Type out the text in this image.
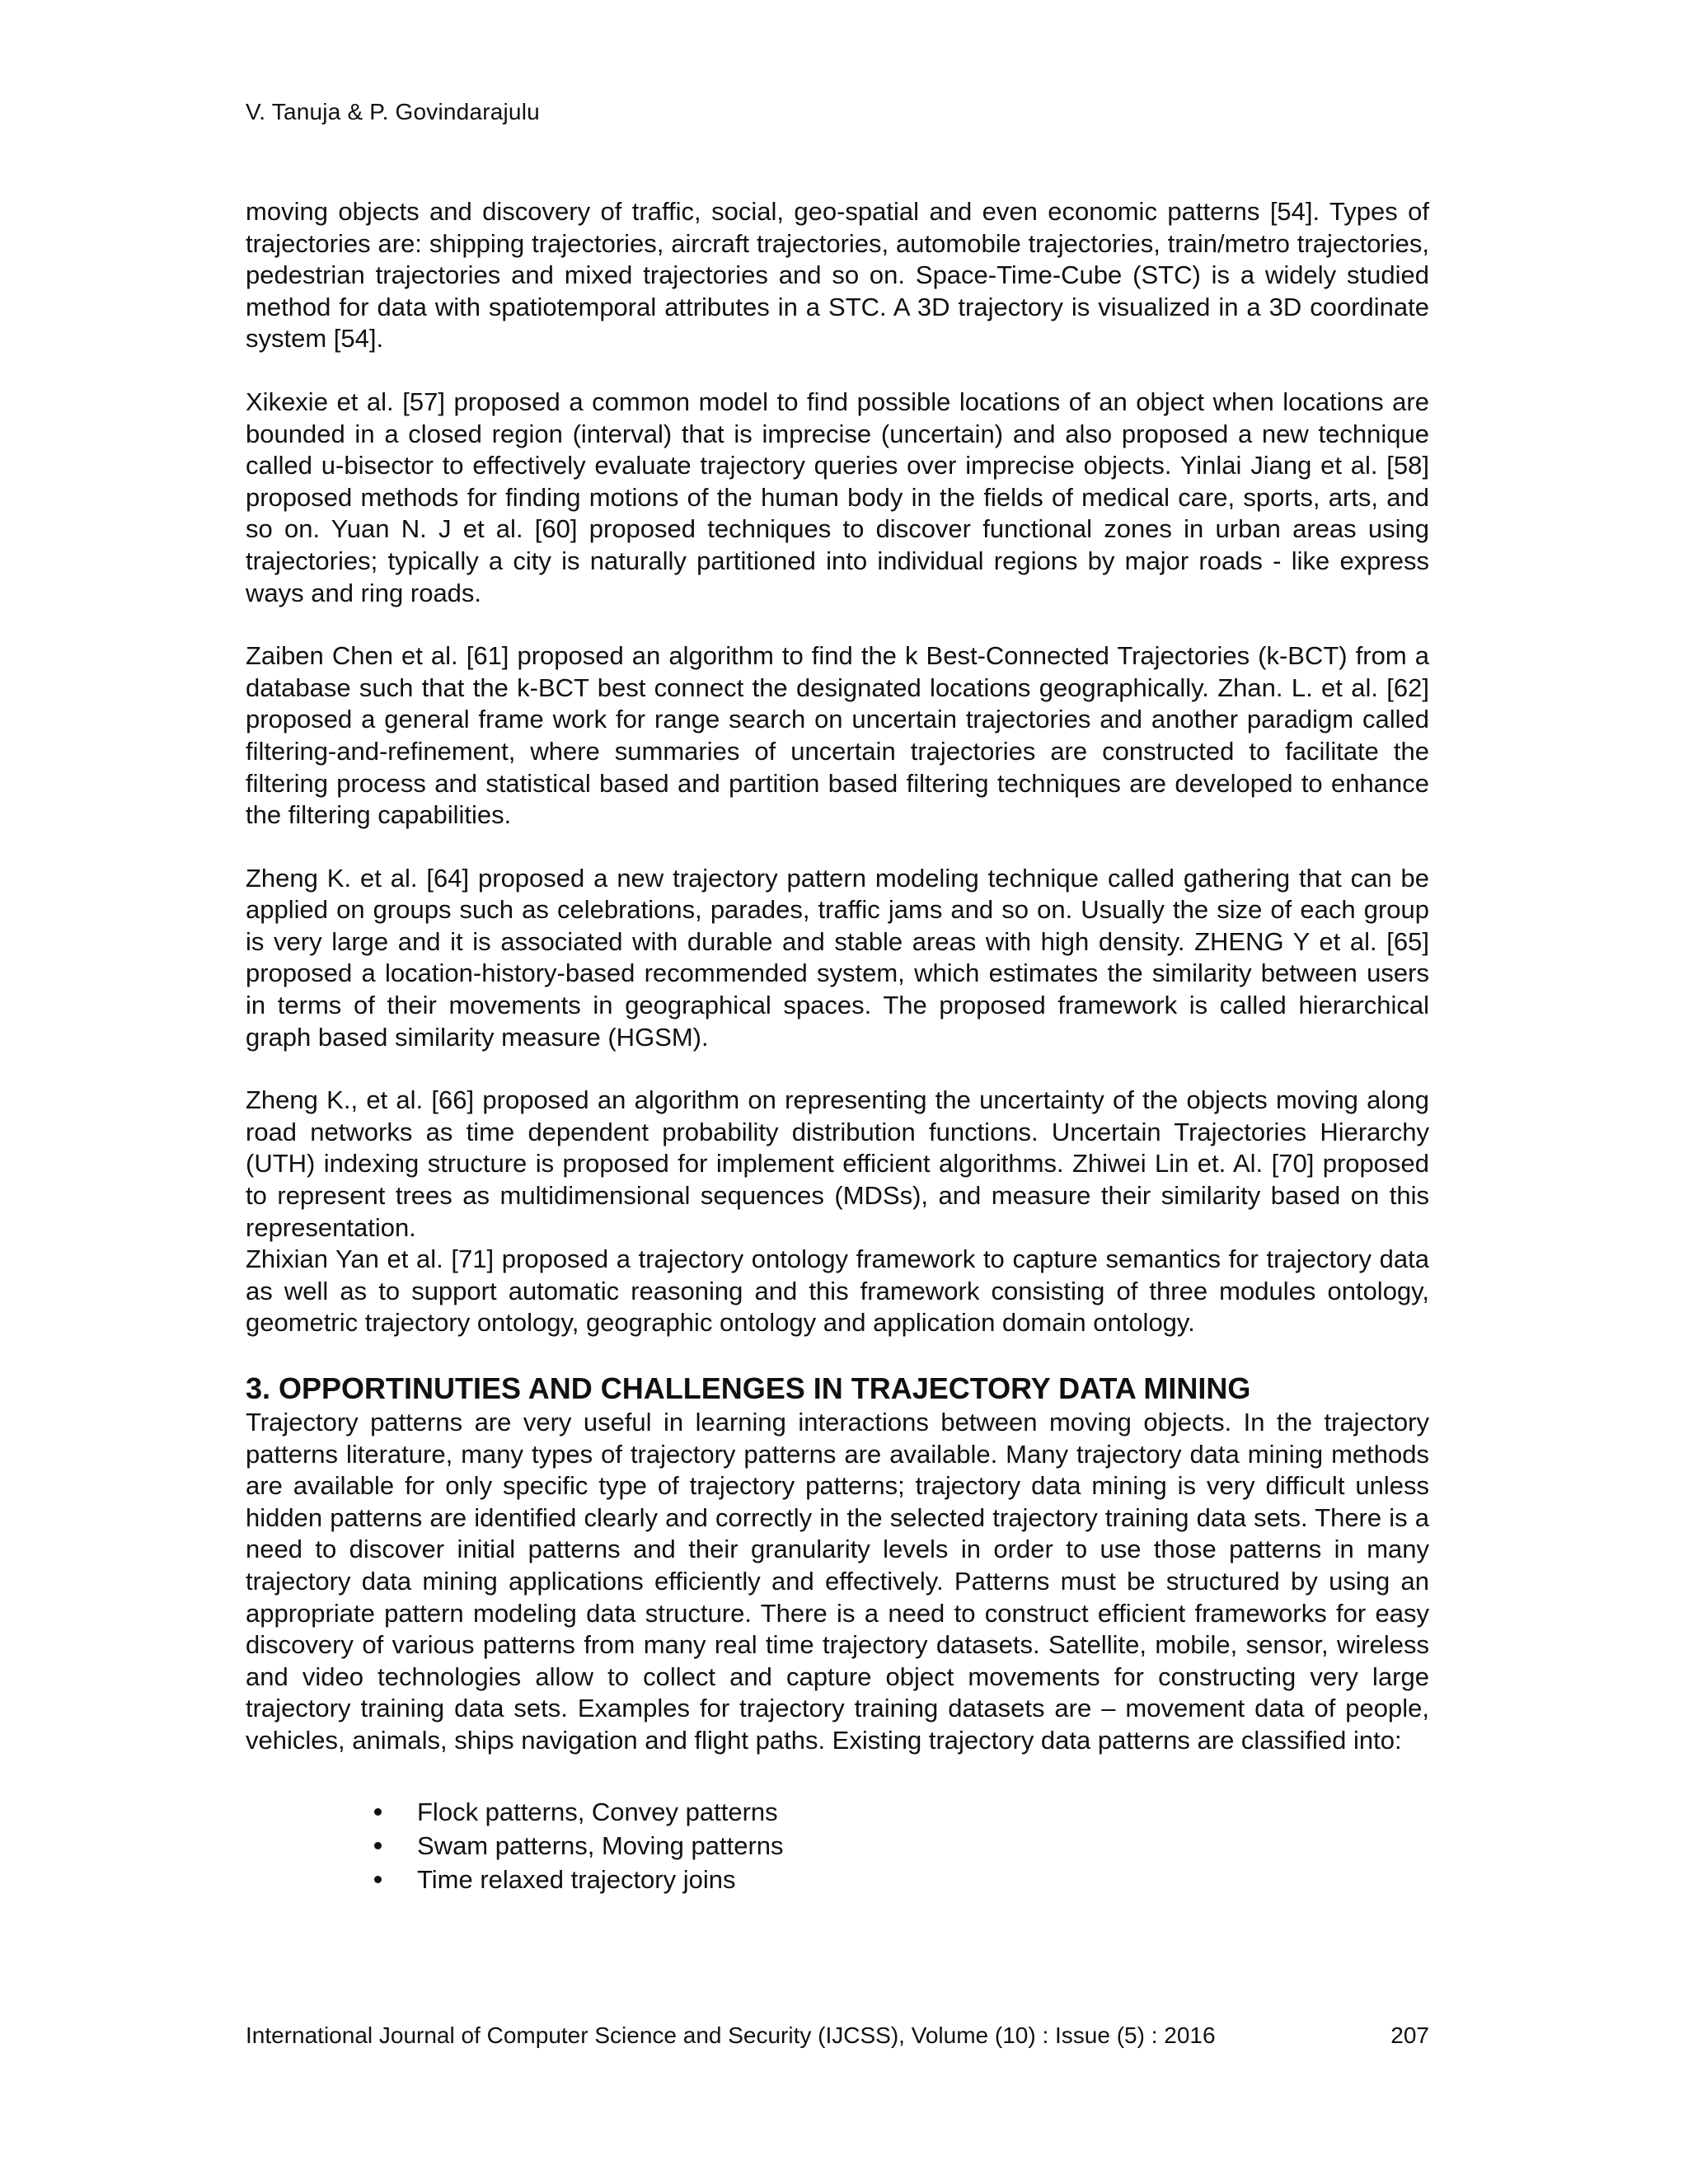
V. Tanuja & P. Govindarajulu

moving objects and discovery of traffic, social, geo-spatial and even economic patterns [54]. Types of trajectories are: shipping trajectories, aircraft trajectories, automobile trajectories, train/metro trajectories, pedestrian trajectories and mixed trajectories and so on. Space-Time-Cube (STC) is a widely studied method for data with spatiotemporal attributes in a STC. A 3D trajectory is visualized in a 3D coordinate system [54].

Xikexie et al. [57] proposed a common model to find possible locations of an object when locations are bounded in a closed region (interval) that is imprecise (uncertain) and also proposed a new technique called u-bisector to effectively evaluate trajectory queries over imprecise objects. Yinlai Jiang et al. [58] proposed methods for finding motions of the human body in the fields of medical care, sports, arts, and so on. Yuan N. J et al. [60] proposed techniques to discover functional zones in urban areas using trajectories; typically a city is naturally partitioned into individual regions by major roads - like express ways and ring roads.

Zaiben Chen et al. [61] proposed an algorithm to find the k Best-Connected Trajectories (k-BCT) from a database such that the k-BCT best connect the designated locations geographically. Zhan. L. et al. [62] proposed a general frame work for range search on uncertain trajectories and another paradigm called filtering-and-refinement, where summaries of uncertain trajectories are constructed to facilitate the filtering process and statistical based and partition based filtering techniques are developed to enhance the filtering capabilities.

Zheng K. et al. [64] proposed a new trajectory pattern modeling technique called gathering that can be applied on groups such as celebrations, parades, traffic jams and so on. Usually the size of each group is very large and it is associated with durable and stable areas with high density. ZHENG Y et al. [65] proposed a location-history-based recommended system, which estimates the similarity between users in terms of their movements in geographical spaces. The proposed framework is called hierarchical graph based similarity measure (HGSM).

Zheng K., et al. [66] proposed an algorithm on representing the uncertainty of the objects moving along road networks as time dependent probability distribution functions. Uncertain Trajectories Hierarchy (UTH) indexing structure is proposed for implement efficient algorithms. Zhiwei Lin et. Al. [70] proposed to represent trees as multidimensional sequences (MDSs), and measure their similarity based on this representation.

Zhixian Yan et al. [71] proposed a trajectory ontology framework to capture semantics for trajectory data as well as to support automatic reasoning and this framework consisting of three modules ontology, geometric trajectory ontology, geographic ontology and application domain ontology.

3. OPPORTINUTIES AND CHALLENGES IN TRAJECTORY DATA MINING

Trajectory patterns are very useful in learning interactions between moving objects. In the trajectory patterns literature, many types of trajectory patterns are available. Many trajectory data mining methods are available for only specific type of trajectory patterns; trajectory data mining is very difficult unless hidden patterns are identified clearly and correctly in the selected trajectory training data sets. There is a need to discover initial patterns and their granularity levels in order to use those patterns in many trajectory data mining applications efficiently and effectively. Patterns must be structured by using an appropriate pattern modeling data structure. There is a need to construct efficient frameworks for easy discovery of various patterns from many real time trajectory datasets. Satellite, mobile, sensor, wireless and video technologies allow to collect and capture object movements for constructing very large trajectory training data sets. Examples for trajectory training datasets are – movement data of people, vehicles, animals, ships navigation and flight paths. Existing trajectory data patterns are classified into:

Flock patterns, Convey patterns
Swam patterns, Moving patterns
Time relaxed trajectory joins
International Journal of Computer Science and Security (IJCSS), Volume (10) : Issue (5) : 2016	207
